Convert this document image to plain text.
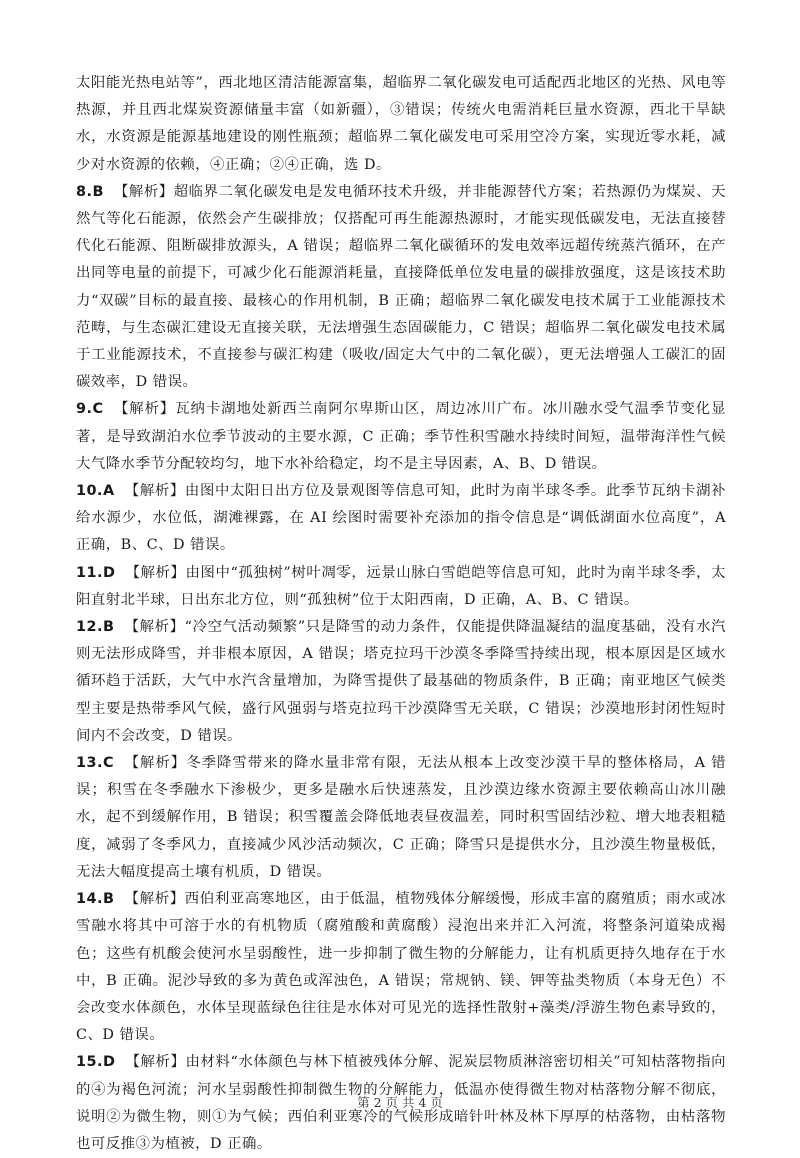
太阳能光热电站等”，西北地区清洁能源富集，超临界二氧化碳发电可适配西北地区的光热、风电等热源，并且西北煤炭资源储量丰富（如新疆），③错误；传统火电需消耗巨量水资源，西北干旱缺水，水资源是能源基地建设的刚性瓶颈；超临界二氧化碳发电可采用空冷方案，实现近零水耗，减少对水资源的依赖，④正确；②④正确，选 D。

8.B 【解析】超临界二氧化碳发电是发电循环技术升级，并非能源替代方案；若热源仍为煤炭、天然气等化石能源，依然会产生碳排放；仅搭配可再生能源热源时，才能实现低碳发电，无法直接替代化石能源、阻断碳排放源头，A 错误；超临界二氧化碳循环的发电效率远超传统蒸汽循环，在产出同等电量的前提下，可减少化石能源消耗量，直接降低单位发电量的碳排放强度，这是该技术助力“双碳”目标的最直接、最核心的作用机制，B 正确；超临界二氧化碳发电技术属于工业能源技术范畴，与生态碳汇建设无直接关联，无法增强生态固碳能力，C 错误；超临界二氧化碳发电技术属于工业能源技术，不直接参与碳汇构建（吸收/固定大气中的二氧化碳），更无法增强人工碳汇的固碳效率，D 错误。

9.C 【解析】瓦纳卡湖地处新西兰南阿尔卑斯山区，周边冰川广布。冰川融水受气温季节变化显著，是导致湖泊水位季节波动的主要水源，C 正确；季节性积雪融水持续时间短，温带海洋性气候大气降水季节分配较均匀，地下水补给稳定，均不是主导因素，A、B、D 错误。

10.A 【解析】由图中太阳日出方位及景观图等信息可知，此时为南半球冬季。此季节瓦纳卡湖补给水源少，水位低，湖滩裸露，在 AI 绘图时需要补充添加的指令信息是“调低湖面水位高度”，A 正确，B、C、D 错误。

11.D 【解析】由图中“孤独树”树叶凋零，远景山脉白雪皑皑等信息可知，此时为南半球冬季，太阳直射北半球，日出东北方位，则“孤独树”位于太阳西南，D 正确，A、B、C 错误。

12.B 【解析】“冷空气活动频繁”只是降雪的动力条件，仅能提供降温凝结的温度基础，没有水汽则无法形成降雪，并非根本原因，A 错误；塔克拉玛干沙漠冬季降雪持续出现，根本原因是区域水循环趋于活跃，大气中水汽含量增加，为降雪提供了最基础的物质条件，B 正确；南亚地区气候类型主要是热带季风气候，盛行风强弱与塔克拉玛干沙漠降雪无关联，C 错误；沙漠地形封闭性短时间内不会改变，D 错误。

13.C 【解析】冬季降雪带来的降水量非常有限，无法从根本上改变沙漠干旱的整体格局，A 错误；积雪在冬季融水下渗极少，更多是融水后快速蒸发，且沙漠边缘水资源主要依赖高山冰川融水，起不到缓解作用，B 错误；积雪覆盖会降低地表昼夜温差，同时积雪固结沙粒、增大地表粗糙度，减弱了冬季风力，直接减少风沙活动频次，C 正确；降雪只是提供水分，且沙漠生物量极低，无法大幅度提高土壤有机质，D 错误。

14.B 【解析】西伯利亚高寒地区，由于低温，植物残体分解缓慢，形成丰富的腐殖质；雨水或冰雪融水将其中可溶于水的有机物质（腐殖酸和黄腐酸）浸泡出来并汇入河流，将整条河道染成褐色；这些有机酸会使河水呈弱酸性，进一步抑制了微生物的分解能力，让有机质更持久地存在于水中，B 正确。泥沙导致的多为黄色或浑浊色，A 错误；常规钠、镁、钾等盐类物质（本身无色）不会改变水体颜色，水体呈现蓝绿色往往是水体对可见光的选择性散射+藻类/浮游生物色素导致的，C、D 错误。

15.D 【解析】由材料“水体颜色与林下植被残体分解、泥炭层物质淋溶密切相关”可知枯落物指向的④为褐色河流；河水呈弱酸性抑制微生物的分解能力，低温亦使得微生物对枯落物分解不彻底，说明②为微生物，则①为气候；西伯利亚寒冷的气候形成暗针叶林及林下厚厚的枯落物，由枯落物也可反推③为植被，D 正确。

第 2 页 共 4 页
